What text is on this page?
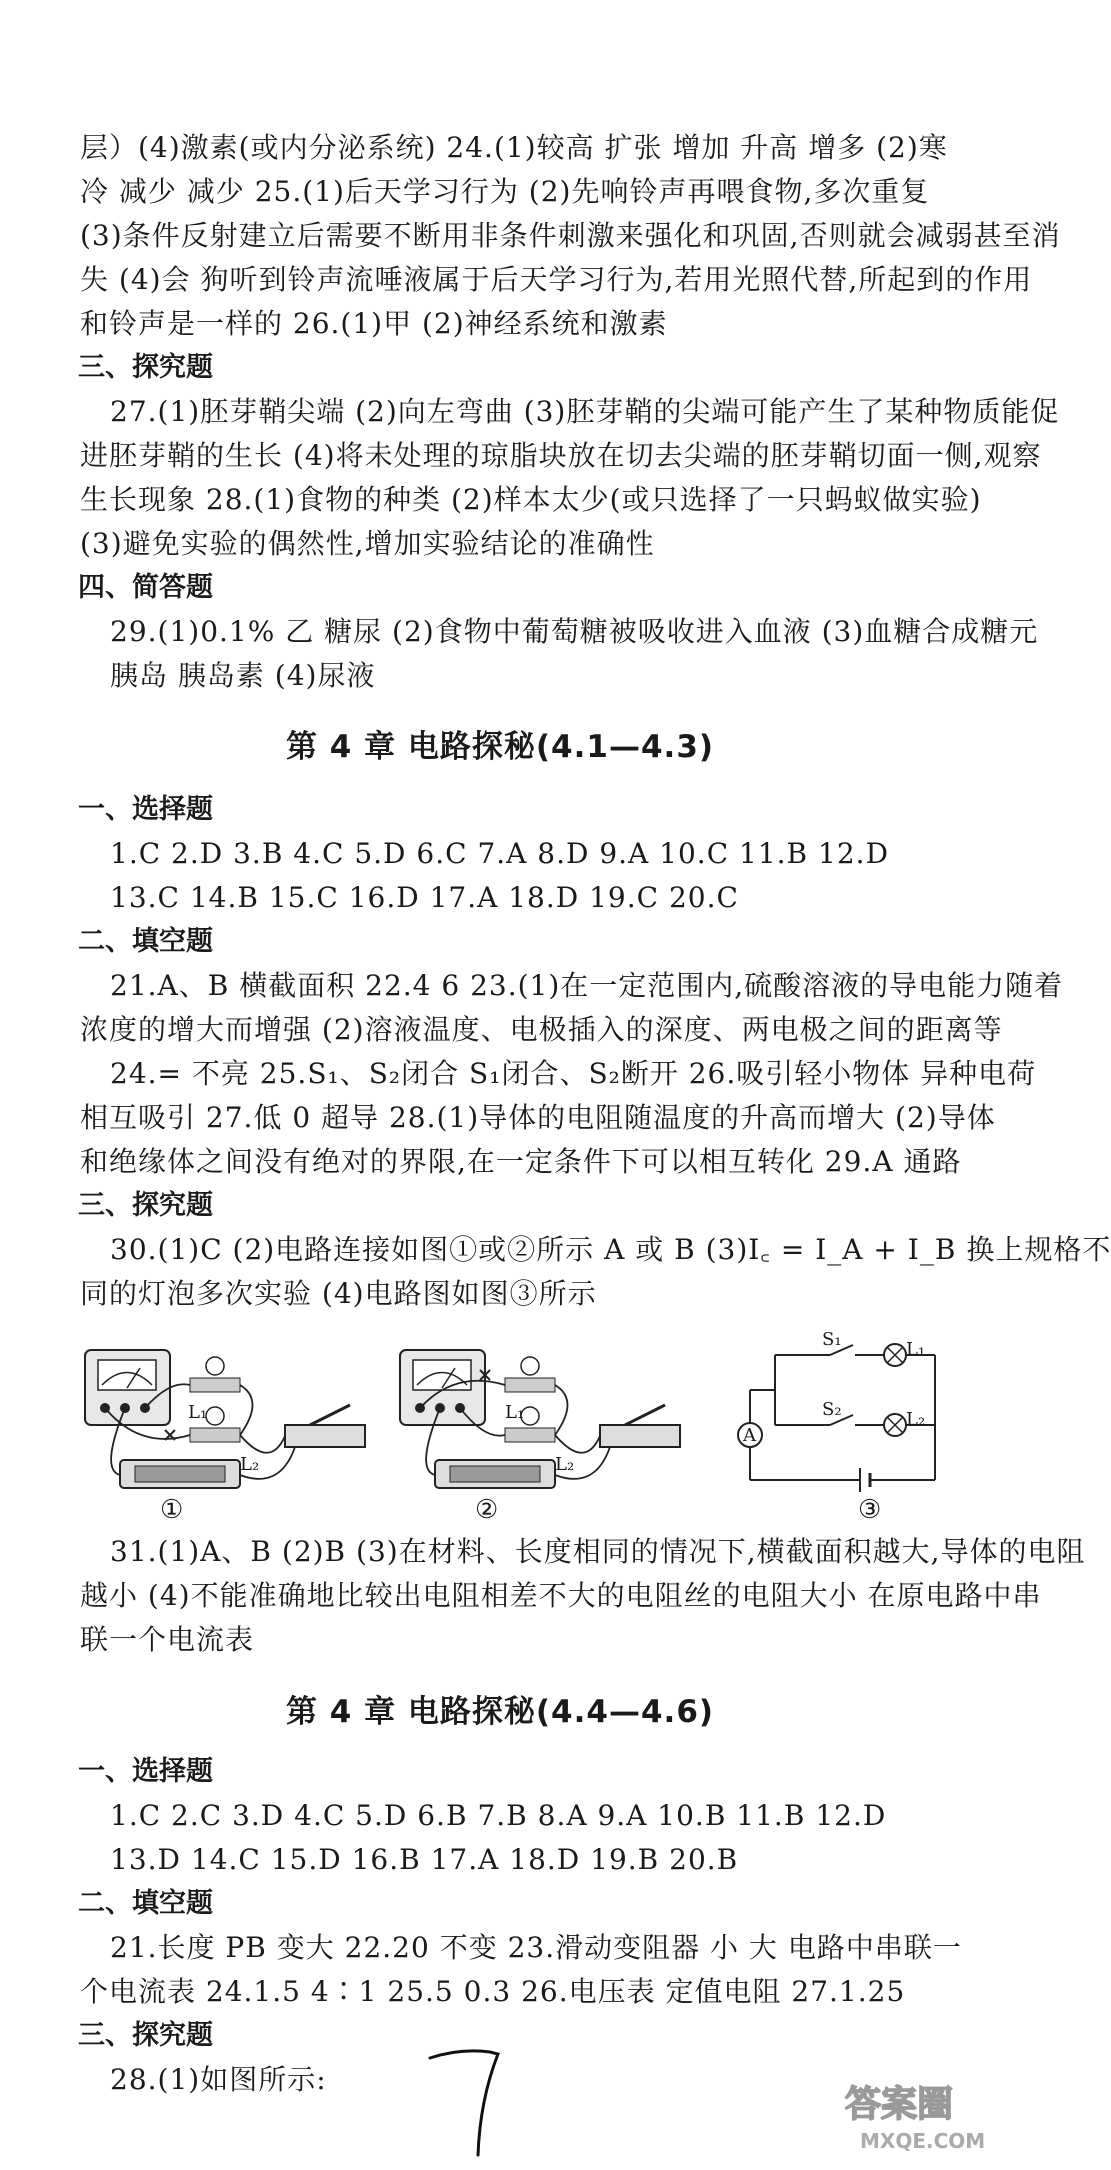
层）(4)激素(或内分泌系统) 24.(1)较高 扩张 增加 升高 增多 (2)寒
冷 减少 减少 25.(1)后天学习行为 (2)先响铃声再喂食物,多次重复
(3)条件反射建立后需要不断用非条件刺激来强化和巩固,否则就会减弱甚至消
失 (4)会 狗听到铃声流唾液属于后天学习行为,若用光照代替,所起到的作用
和铃声是一样的 26.(1)甲 (2)神经系统和激素
三、探究题
27.(1)胚芽鞘尖端 (2)向左弯曲 (3)胚芽鞘的尖端可能产生了某种物质能促
进胚芽鞘的生长 (4)将未处理的琼脂块放在切去尖端的胚芽鞘切面一侧,观察
生长现象 28.(1)食物的种类 (2)样本太少(或只选择了一只蚂蚁做实验)
(3)避免实验的偶然性,增加实验结论的准确性
四、简答题
29.(1)0.1% 乙 糖尿 (2)食物中葡萄糖被吸收进入血液 (3)血糖合成糖元
胰岛 胰岛素 (4)尿液
第 4 章 电路探秘(4.1—4.3)
一、选择题
1.C 2.D 3.B 4.C 5.D 6.C 7.A 8.D 9.A 10.C 11.B 12.D
13.C 14.B 15.C 16.D 17.A 18.D 19.C 20.C
二、填空题
21.A、B 横截面积 22.4 6 23.(1)在一定范围内,硫酸溶液的导电能力随着
浓度的增大而增强 (2)溶液温度、电极插入的深度、两电极之间的距离等
24.= 不亮 25.S₁、S₂闭合 S₁闭合、S₂断开 26.吸引轻小物体 异种电荷
相互吸引 27.低 0 超导 28.(1)导体的电阻随温度的升高而增大 (2)导体
和绝缘体之间没有绝对的界限,在一定条件下可以相互转化 29.A 通路
三、探究题
30.(1)C (2)电路连接如图①或②所示 A 或 B (3)I꜀ = I_A + I_B 换上规格不
同的灯泡多次实验 (4)电路图如图③所示
L₁
L₂
①
L₁
L₂
②
S₁
S₂
L₁
L₂
A
③
31.(1)A、B (2)B (3)在材料、长度相同的情况下,横截面积越大,导体的电阻
越小 (4)不能准确地比较出电阻相差不大的电阻丝的电阻大小 在原电路中串
联一个电流表
第 4 章 电路探秘(4.4—4.6)
一、选择题
1.C 2.C 3.D 4.C 5.D 6.B 7.B 8.A 9.A 10.B 11.B 12.D
13.D 14.C 15.D 16.B 17.A 18.D 19.B 20.B
二、填空题
21.长度 PB 变大 22.20 不变 23.滑动变阻器 小 大 电路中串联一
个电流表 24.1.5 4∶1 25.5 0.3 26.电压表 定值电阻 27.1.25
三、探究题
28.(1)如图所示:
答案圈
MXQE.COM
